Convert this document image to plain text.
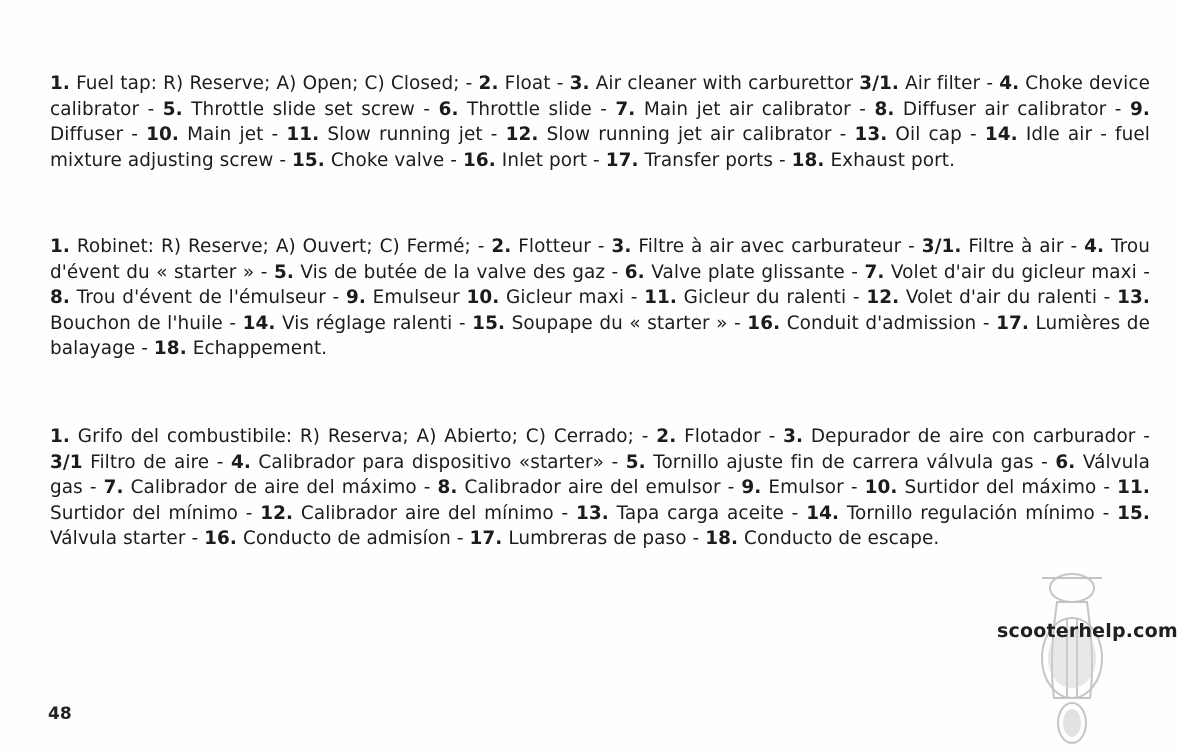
1. Fuel tap: R) Reserve; A) Open; C) Closed; - 2. Float - 3. Air cleaner with carburettor 3/1. Air filter - 4. Choke device calibrator - 5. Throttle slide set screw - 6. Throttle slide - 7. Main jet air calibrator - 8. Diffuser air calibrator - 9. Diffuser - 10. Main jet - 11. Slow running jet - 12. Slow running jet air calibrator - 13. Oil cap - 14. Idle air - fuel mixture adjusting screw - 15. Choke valve - 16. Inlet port - 17. Transfer ports - 18. Exhaust port.

1. Robinet: R) Reserve; A) Ouvert; C) Fermé; - 2. Flotteur - 3. Filtre à air avec carburateur - 3/1. Filtre à air - 4. Trou d'évent du « starter » - 5. Vis de butée de la valve des gaz - 6. Valve plate glissante - 7. Volet d'air du gicleur maxi - 8. Trou d'évent de l'émulseur - 9. Emulseur 10. Gicleur maxi - 11. Gicleur du ralenti - 12. Volet d'air du ralenti - 13. Bouchon de l'huile - 14. Vis réglage ralenti - 15. Soupape du « starter » - 16. Conduit d'admission - 17. Lumières de balayage - 18. Echappement.

1. Grifo del combustibile: R) Reserva; A) Abierto; C) Cerrado; - 2. Flotador - 3. Depurador de aire con carburador - 3/1 Filtro de aire - 4. Calibrador para dispositivo «starter» - 5. Tornillo ajuste fin de carrera válvula gas - 6. Válvula gas - 7. Calibrador de aire del máximo - 8. Calibrador aire del emulsor - 9. Emulsor - 10. Surtidor del máximo - 11. Surtidor del mínimo - 12. Calibrador aire del mínimo - 13. Tapa carga aceite - 14. Tornillo regulación mínimo - 15. Válvula starter - 16. Conducto de admisíon - 17. Lumbreras de paso - 18. Conducto de escape.

scooterhelp.com
48
